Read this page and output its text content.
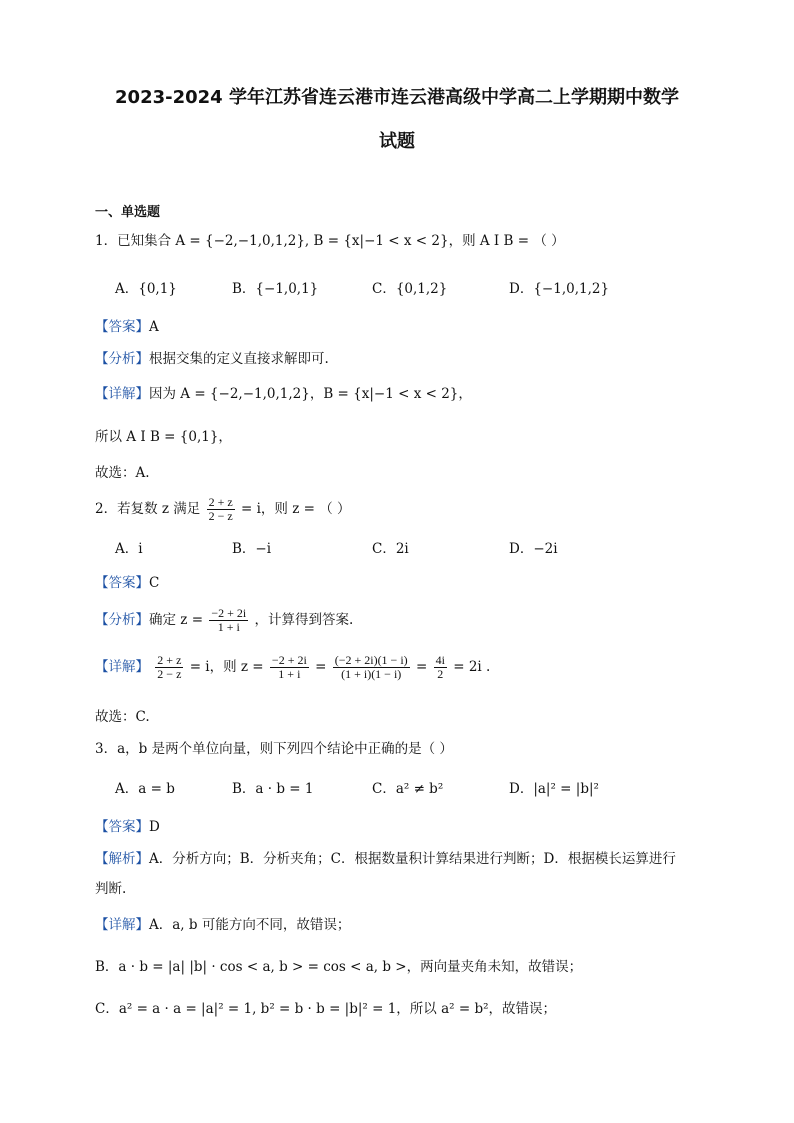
2023-2024 学年江苏省连云港市连云港高级中学高二上学期期中数学
试题
一、单选题
1．已知集合 A = {−2,−1,0,1,2}, B = {x|−1 < x < 2}，则 A I B = （ ）
A．{0,1}	B．{−1,0,1}	C．{0,1,2}	D．{−1,0,1,2}
【答案】A
【分析】根据交集的定义直接求解即可.
【详解】因为 A = {−2,−1,0,1,2}，B = {x|−1 < x < 2}，
所以 A I B = {0,1}，
故选：A.
2．若复数 z 满足 $\frac{2 + z}{2 - z} = i$，则 z = （ ）
A．i	B．−i	C．2i	D．−2i
【答案】C
【分析】确定 $z = \frac{-2 + 2i}{1 + i}$ ，计算得到答案.
【详解】 $\frac{2 + z}{2 - z} = i$，则 $z = \frac{-2 + 2i}{1 + i} = \frac{(-2 + 2i)(1 - i)}{(1 + i)(1 - i)} = \frac{4i}{2} = 2i$ .
故选：C.
3．a，b 是两个单位向量，则下列四个结论中正确的是（ ）
A．a = b	B．a · b = 1	C．a² ≠ b²	D．|a|² = |b|²
【答案】D
【解析】A．分析方向；B．分析夹角；C．根据数量积计算结果进行判断；D．根据模长运算进行
判断.
【详解】A．a, b 可能方向不同，故错误；
B．a · b = |a| |b| · cos < a, b > = cos < a, b >，两向量夹角未知，故错误；
C．a² = a · a = |a|² = 1, b² = b · b = |b|² = 1，所以 a² = b²，故错误；
